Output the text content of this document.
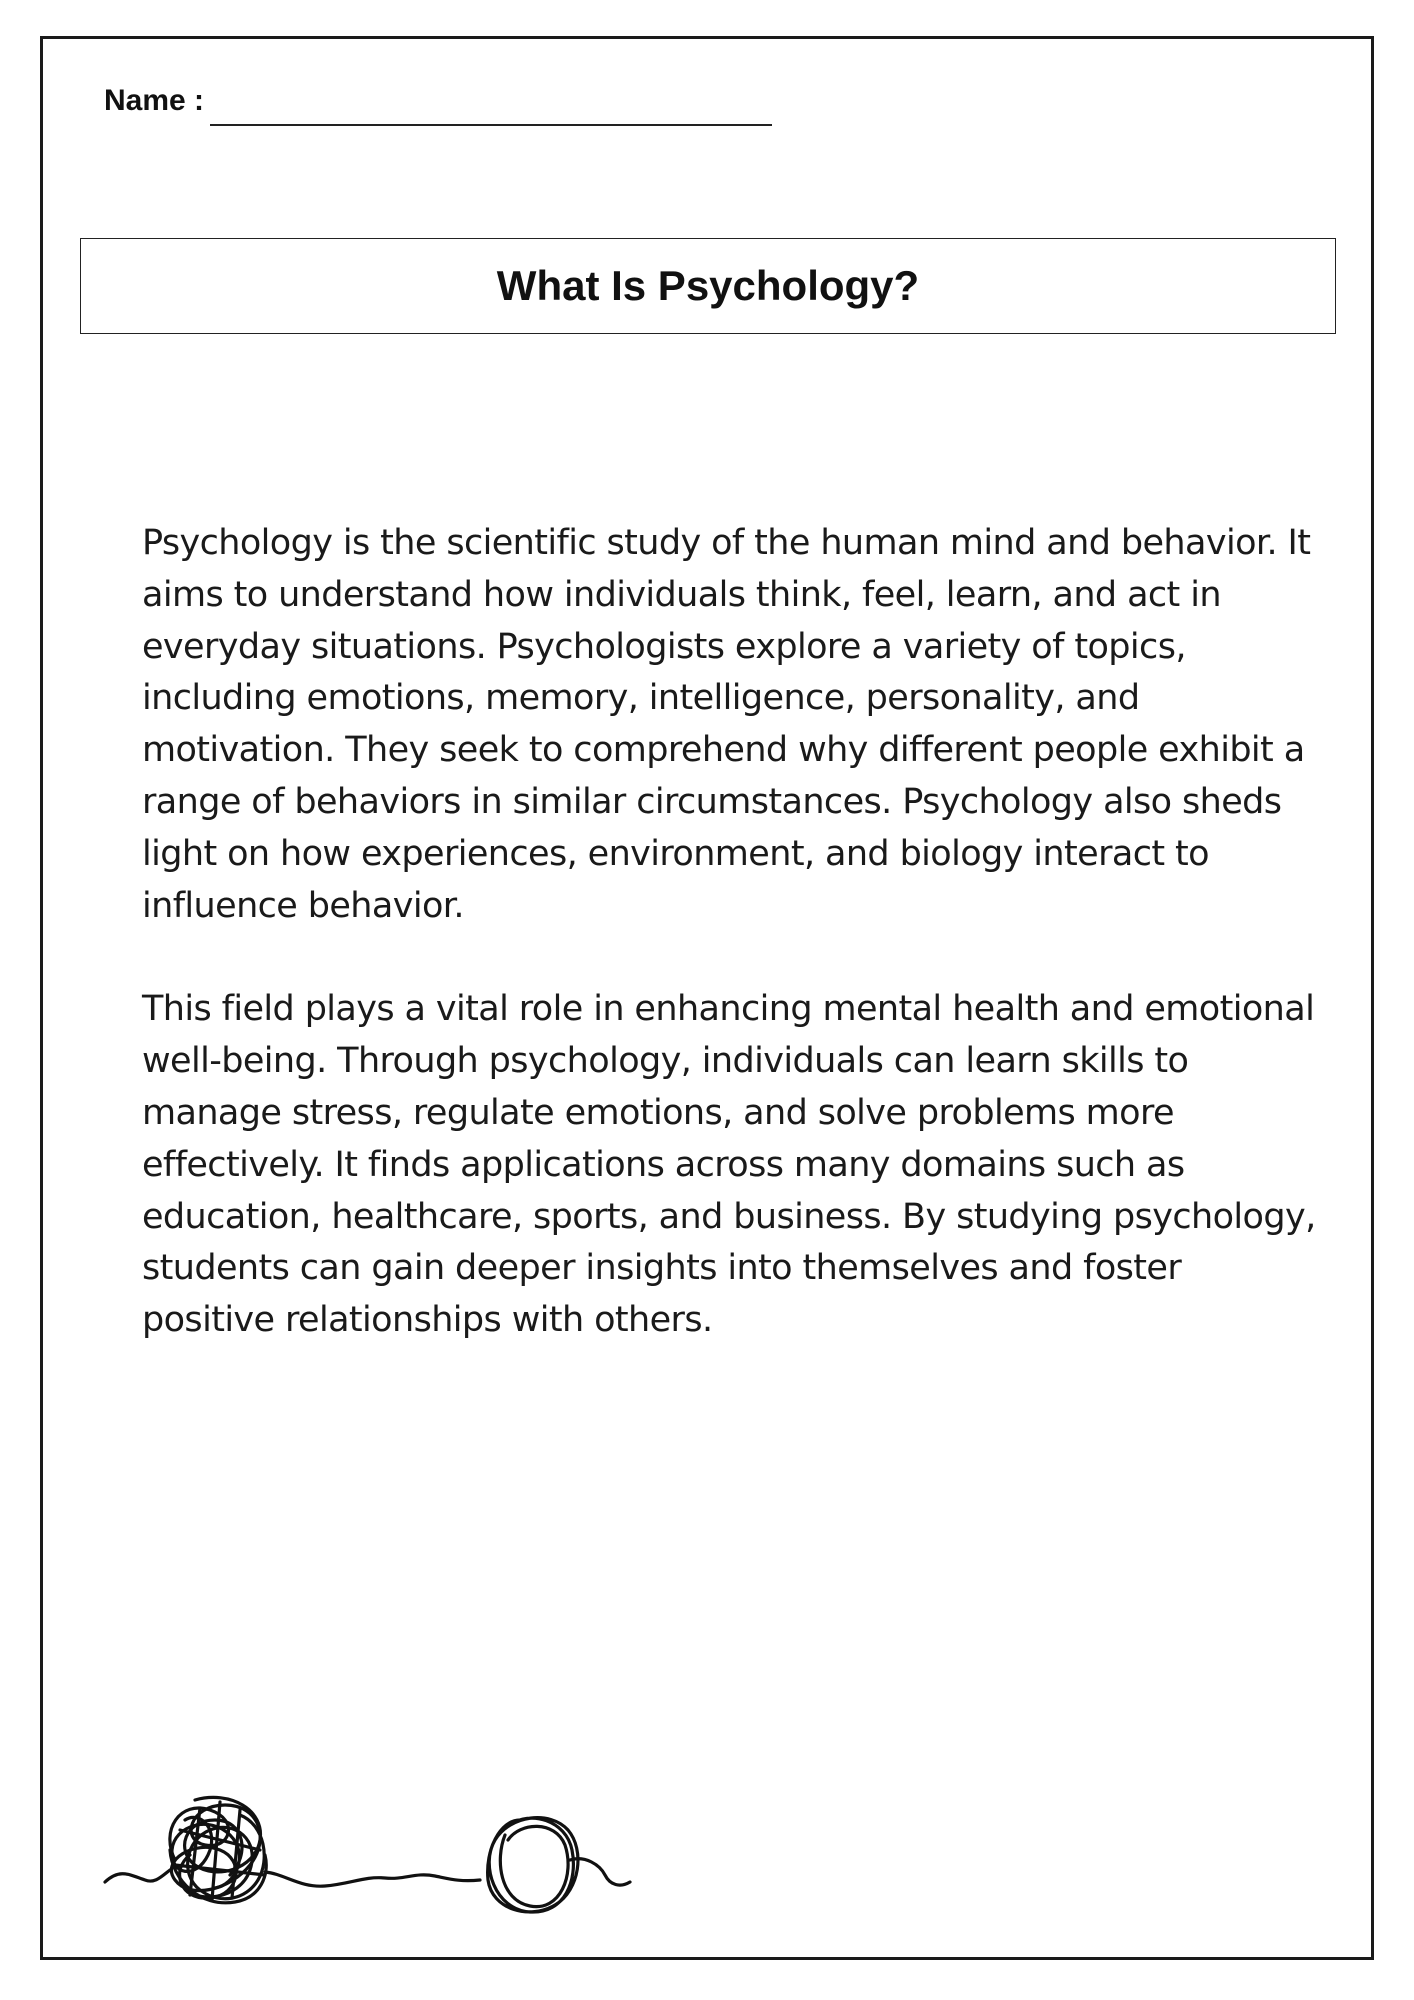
Name :
What Is Psychology?

Psychology is the scientific study of the human mind and behavior. It aims to understand how individuals think, feel, learn, and act in everyday situations. Psychologists explore a variety of topics, including emotions, memory, intelligence, personality, and motivation. They seek to comprehend why different people exhibit a range of behaviors in similar circumstances. Psychology also sheds light on how experiences, environment, and biology interact to influence behavior.

This field plays a vital role in enhancing mental health and emotional well-being. Through psychology, individuals can learn skills to manage stress, regulate emotions, and solve problems more effectively. It finds applications across many domains such as education, healthcare, sports, and business. By studying psychology, students can gain deeper insights into themselves and foster positive relationships with others.
